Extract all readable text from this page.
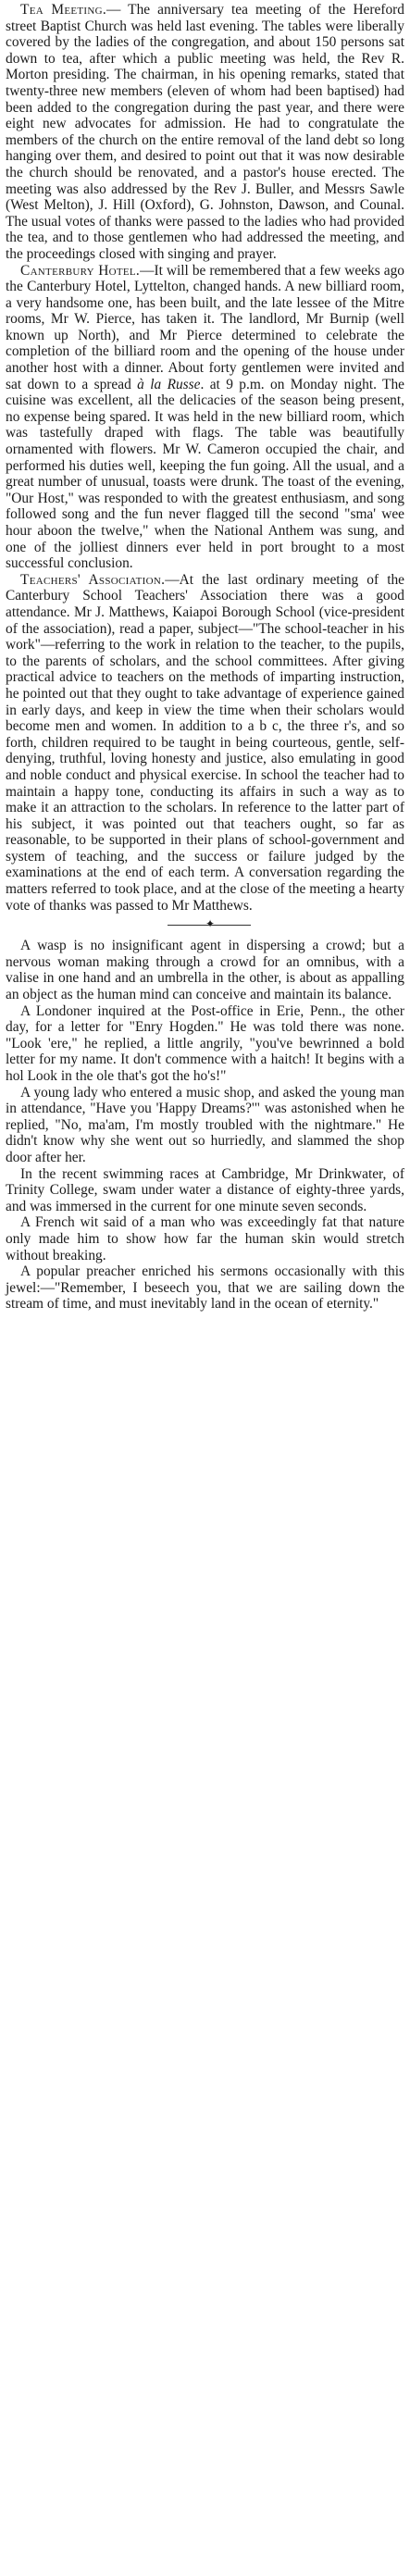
Tea Meeting.— The anniversary tea meeting of the Hereford street Baptist Church was held last evening. The tables were liberally covered by the ladies of the congregation, and about 150 persons sat down to tea, after which a public meeting was held, the Rev R. Morton presiding. The chairman, in his opening remarks, stated that twenty-three new members (eleven of whom had been baptised) had been added to the congregation during the past year, and there were eight new advocates for admission. He had to congratulate the members of the church on the entire removal of the land debt so long hanging over them, and desired to point out that it was now desirable the church should be renovated, and a pastor's house erected. The meeting was also addressed by the Rev J. Buller, and Messrs Sawle (West Melton), J. Hill (Oxford), G. Johnston, Dawson, and Counal. The usual votes of thanks were passed to the ladies who had provided the tea, and to those gentlemen who had addressed the meeting, and the proceedings closed with singing and prayer.

Canterbury Hotel.—It will be remembered that a few weeks ago the Canterbury Hotel, Lyttelton, changed hands. A new billiard room, a very handsome one, has been built, and the late lessee of the Mitre rooms, Mr W. Pierce, has taken it. The landlord, Mr Burnip (well known up North), and Mr Pierce determined to celebrate the completion of the billiard room and the opening of the house under another host with a dinner. About forty gentlemen were invited and sat down to a spread à la Russe. at 9 p.m. on Monday night. The cuisine was excellent, all the delicacies of the season being present, no expense being spared. It was held in the new billiard room, which was tastefully draped with flags. The table was beautifully ornamented with flowers. Mr W. Cameron occupied the chair, and performed his duties well, keeping the fun going. All the usual, and a great number of unusual, toasts were drunk. The toast of the evening, "Our Host," was responded to with the greatest enthusiasm, and song followed song and the fun never flagged till the second "sma' wee hour aboon the twelve," when the National Anthem was sung, and one of the jolliest dinners ever held in port brought to a most successful conclusion.

Teachers' Association.—At the last ordinary meeting of the Canterbury School Teachers' Association there was a good attendance. Mr J. Matthews, Kaiapoi Borough School (vice-president of the association), read a paper, subject—"The school-teacher in his work"—referring to the work in relation to the teacher, to the pupils, to the parents of scholars, and the school committees. After giving practical advice to teachers on the methods of imparting instruction, he pointed out that they ought to take advantage of experience gained in early days, and keep in view the time when their scholars would become men and women. In addition to a b c, the three r's, and so forth, children required to be taught in being courteous, gentle, self-denying, truthful, loving honesty and justice, also emulating in good and noble conduct and physical exercise. In school the teacher had to maintain a happy tone, conducting its affairs in such a way as to make it an attraction to the scholars. In reference to the latter part of his subject, it was pointed out that teachers ought, so far as reasonable, to be supported in their plans of school-government and system of teaching, and the success or failure judged by the examinations at the end of each term. A conversation regarding the matters referred to took place, and at the close of the meeting a hearty vote of thanks was passed to Mr Matthews.

✦

A wasp is no insignificant agent in dispersing a crowd; but a nervous woman making through a crowd for an omnibus, with a valise in one hand and an umbrella in the other, is about as appalling an object as the human mind can conceive and maintain its balance.

A Londoner inquired at the Post-office in Erie, Penn., the other day, for a letter for "Enry Hogden." He was told there was none. "Look 'ere," he replied, a little angrily, "you've bewrinned a bold letter for my name. It don't commence with a haitch! It begins with a hol Look in the ole that's got the ho's!"

A young lady who entered a music shop, and asked the young man in attendance, "Have you 'Happy Dreams?'" was astonished when he replied, "No, ma'am, I'm mostly troubled with the nightmare." He didn't know why she went out so hurriedly, and slammed the shop door after her.

In the recent swimming races at Cambridge, Mr Drinkwater, of Trinity College, swam under water a distance of eighty-three yards, and was immersed in the current for one minute seven seconds.

A French wit said of a man who was exceedingly fat that nature only made him to show how far the human skin would stretch without breaking.

A popular preacher enriched his sermons occasionally with this jewel:—"Remember, I beseech you, that we are sailing down the stream of time, and must inevitably land in the ocean of eternity."
